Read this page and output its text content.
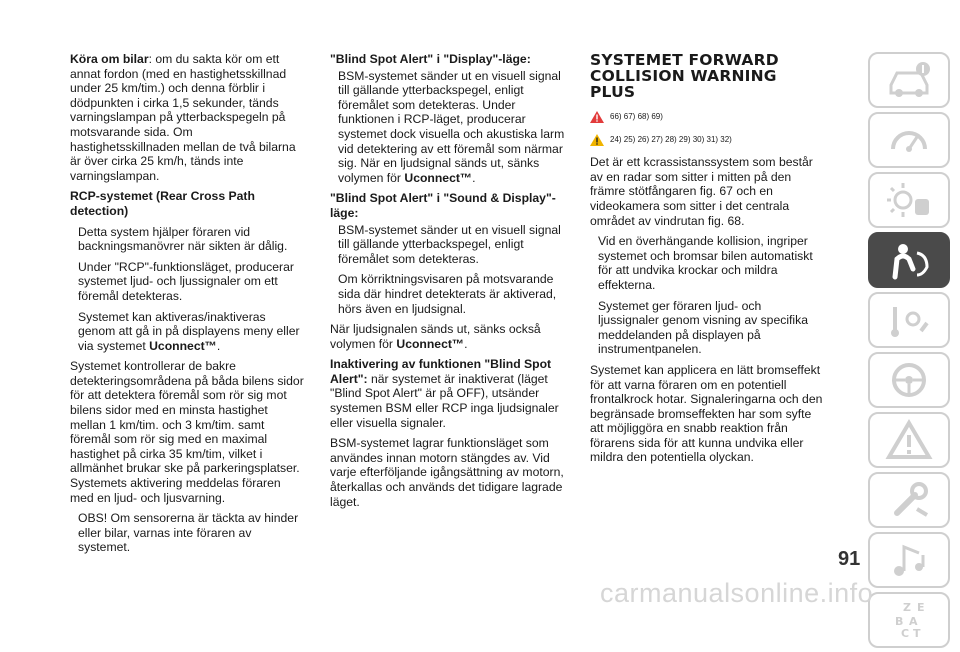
Köra om bilar: om du sakta kör om ett annat fordon (med en hastighetsskillnad under 25 km/tim.) och denna förblir i dödpunkten i cirka 1,5 sekunder, tänds varningslampan på ytterbackspegeln på motsvarande sida. Om hastighetsskillnaden mellan de två bilarna är över cirka 25 km/h, tänds inte varningslampan.

RCP-systemet (Rear Cross Path detection)

Detta system hjälper föraren vid backningsmanövrer när sikten är dålig.

Under "RCP"-funktionsläget, producerar systemet ljud- och ljussignaler om ett föremål detekteras.

Systemet kan aktiveras/inaktiveras genom att gå in på displayens meny eller via systemet Uconnect™.

Systemet kontrollerar de bakre detekteringsområdena på båda bilens sidor för att detektera föremål som rör sig mot bilens sidor med en minsta hastighet mellan 1 km/tim. och 3 km/tim. samt föremål som rör sig med en maximal hastighet på cirka 35 km/tim, vilket i allmänhet brukar ske på parkeringsplatser. Systemets aktivering meddelas föraren med en ljud- och ljusvarning.

OBS! Om sensorerna är täckta av hinder eller bilar, varnas inte föraren av systemet.

"Blind Spot Alert" i "Display"-läge:

BSM-systemet sänder ut en visuell signal till gällande ytterbackspegel, enligt föremålet som detekteras. Under funktionen i RCP-läget, producerar systemet dock visuella och akustiska larm vid detektering av ett föremål som närmar sig. När en ljudsignal sänds ut, sänks volymen för Uconnect™.

"Blind Spot Alert" i "Sound & Display"-läge:

BSM-systemet sänder ut en visuell signal till gällande ytterbackspegel, enligt föremålet som detekteras.

Om körriktningsvisaren på motsvarande sida där hindret detekterats är aktiverad, hörs även en ljudsignal.

När ljudsignalen sänds ut, sänks också volymen för Uconnect™.

Inaktivering av funktionen "Blind Spot Alert": när systemet är inaktiverat (läget "Blind Spot Alert" är på OFF), utsänder systemen BSM eller RCP inga ljudsignaler eller visuella signaler.

BSM-systemet lagrar funktionsläget som användes innan motorn stängdes av. Vid varje efterföljande igångsättning av motorn, återkallas och används det tidigare lagrade läget.

SYSTEMET FORWARD
COLLISION WARNING PLUS
66) 67) 68) 69)
24) 25) 26) 27) 28) 29) 30) 31) 32)

Det är ett kcrassistanssystem som består av en radar som sitter i mitten på den främre stötfångaren fig. 67 och en videokamera som sitter i det centrala området av vindrutan fig. 68.

Vid en överhängande kollision, ingriper systemet och bromsar bilen automatiskt för att undvika krockar och mildra effekterna.

Systemet ger föraren ljud- och ljussignaler genom visning av specifika meddelanden på displayen på instrumentpanelen.

Systemet kan applicera en lätt bromseffekt för att varna föraren om en potentiell frontalkrock hotar. Signaleringarna och den begränsade bromseffekten har som syfte att möjliggöra en snabb reaktion från förarens sida för att kunna undvika eller mildra den potentiella olyckan.

Z E
B A
C T
91
carmanualsonline.info
